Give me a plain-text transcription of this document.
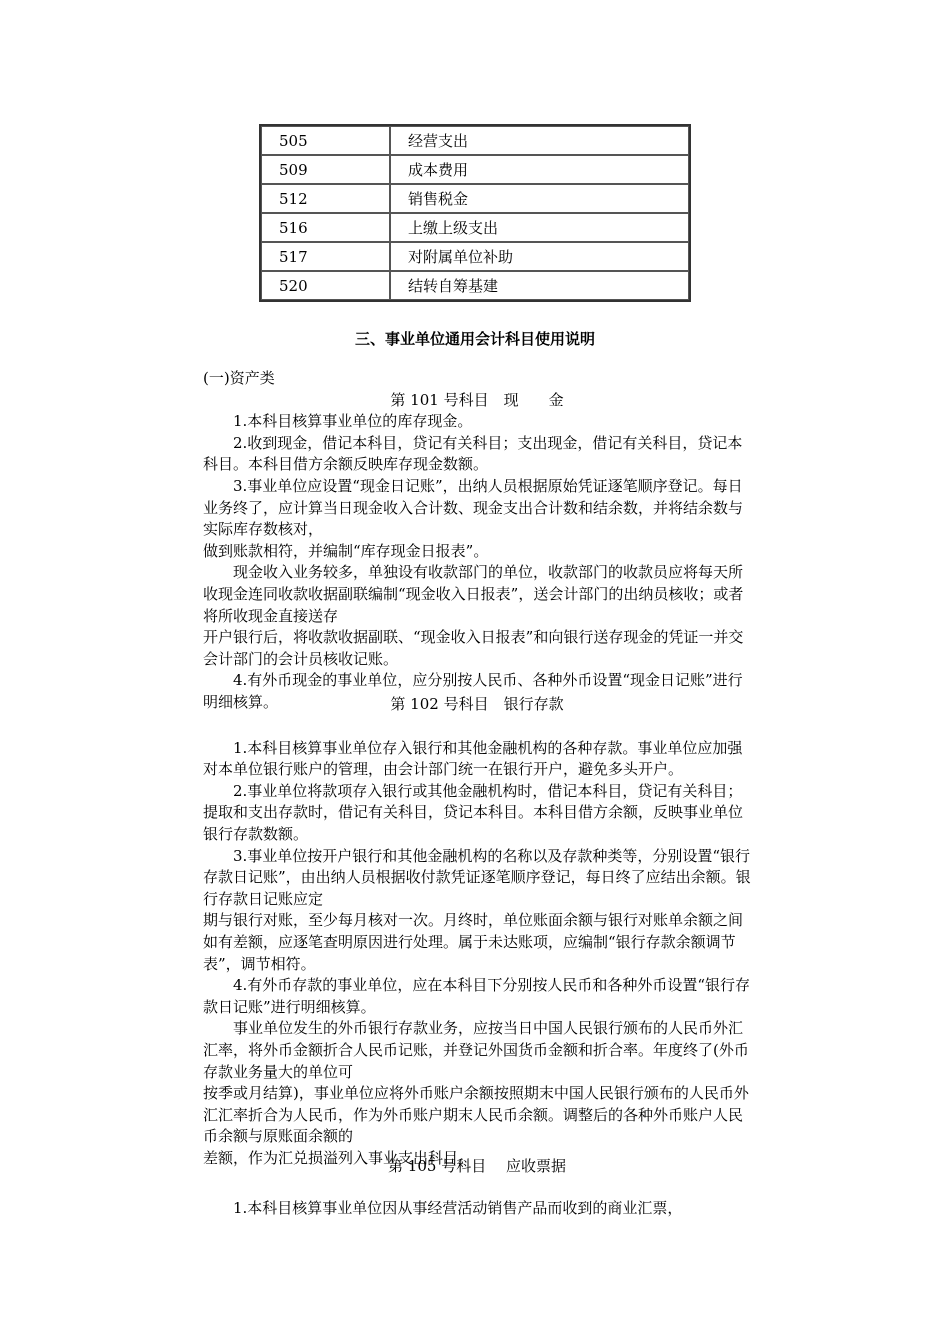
505	经营支出
509	成本费用
512	销售税金
516	上缴上级支出
517	对附属单位补助
520	结转自筹基建
三、事业单位通用会计科目使用说明

(一)资产类

第 101 号科目　现　　金

1.本科目核算事业单位的库存现金。

2.收到现金，借记本科目，贷记有关科目；支出现金，借记有关科目，贷记本科目。本科目借方余额反映库存现金数额。

3.事业单位应设置“现金日记账”，出纳人员根据原始凭证逐笔顺序登记。每日业务终了，应计算当日现金收入合计数、现金支出合计数和结余数，并将结余数与实际库存数核对，

做到账款相符，并编制“库存现金日报表”。

现金收入业务较多，单独设有收款部门的单位，收款部门的收款员应将每天所收现金连同收款收据副联编制“现金收入日报表”，送会计部门的出纳员核收；或者将所收现金直接送存

开户银行后，将收款收据副联、“现金收入日报表”和向银行送存现金的凭证一并交会计部门的会计员核收记账。

4.有外币现金的事业单位，应分别按人民币、各种外币设置“现金日记账”进行明细核算。	第 102 号科目　银行存款

1.本科目核算事业单位存入银行和其他金融机构的各种存款。事业单位应加强对本单位银行账户的管理，由会计部门统一在银行开户，避免多头开户。

2.事业单位将款项存入银行或其他金融机构时，借记本科目，贷记有关科目；提取和支出存款时，借记有关科目，贷记本科目。本科目借方余额，反映事业单位银行存款数额。

3.事业单位按开户银行和其他金融机构的名称以及存款种类等，分别设置“银行存款日记账”，由出纳人员根据收付款凭证逐笔顺序登记，每日终了应结出余额。银行存款日记账应定

期与银行对账，至少每月核对一次。月终时，单位账面余额与银行对账单余额之间如有差额，应逐笔查明原因进行处理。属于未达账项，应编制“银行存款余额调节表”，调节相符。

4.有外币存款的事业单位，应在本科目下分别按人民币和各种外币设置“银行存款日记账”进行明细核算。

事业单位发生的外币银行存款业务，应按当日中国人民银行颁布的人民币外汇汇率，将外币金额折合人民币记账，并登记外国货币金额和折合率。年度终了(外币存款业务量大的单位可

按季或月结算)，事业单位应将外币账户余额按照期末中国人民银行颁布的人民币外汇汇率折合为人民币，作为外币账户期末人民币余额。调整后的各种外币账户人民币余额与原账面余额的

差额，作为汇兑损溢列入事业支出科目。

第 105 号科目　 应收票据

1.本科目核算事业单位因从事经营活动销售产品而收到的商业汇票，
